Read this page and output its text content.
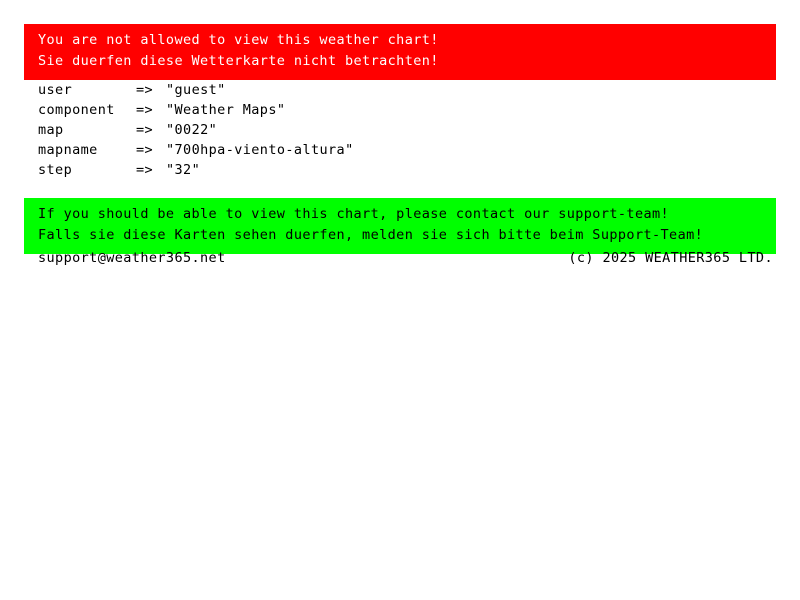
You are not allowed to view this weather chart!
Sie duerfen diese Wetterkarte nicht betrachten!
user	=> "guest"
component	=> "Weather Maps"
map	=> "0022"
mapname	=> "700hpa-viento-altura"
step	=> "32"
If you should be able to view this chart, please contact our support-team!
Falls sie diese Karten sehen duerfen, melden sie sich bitte beim Support-Team!
support@weather365.net	(c) 2025 WEATHER365 LTD.
